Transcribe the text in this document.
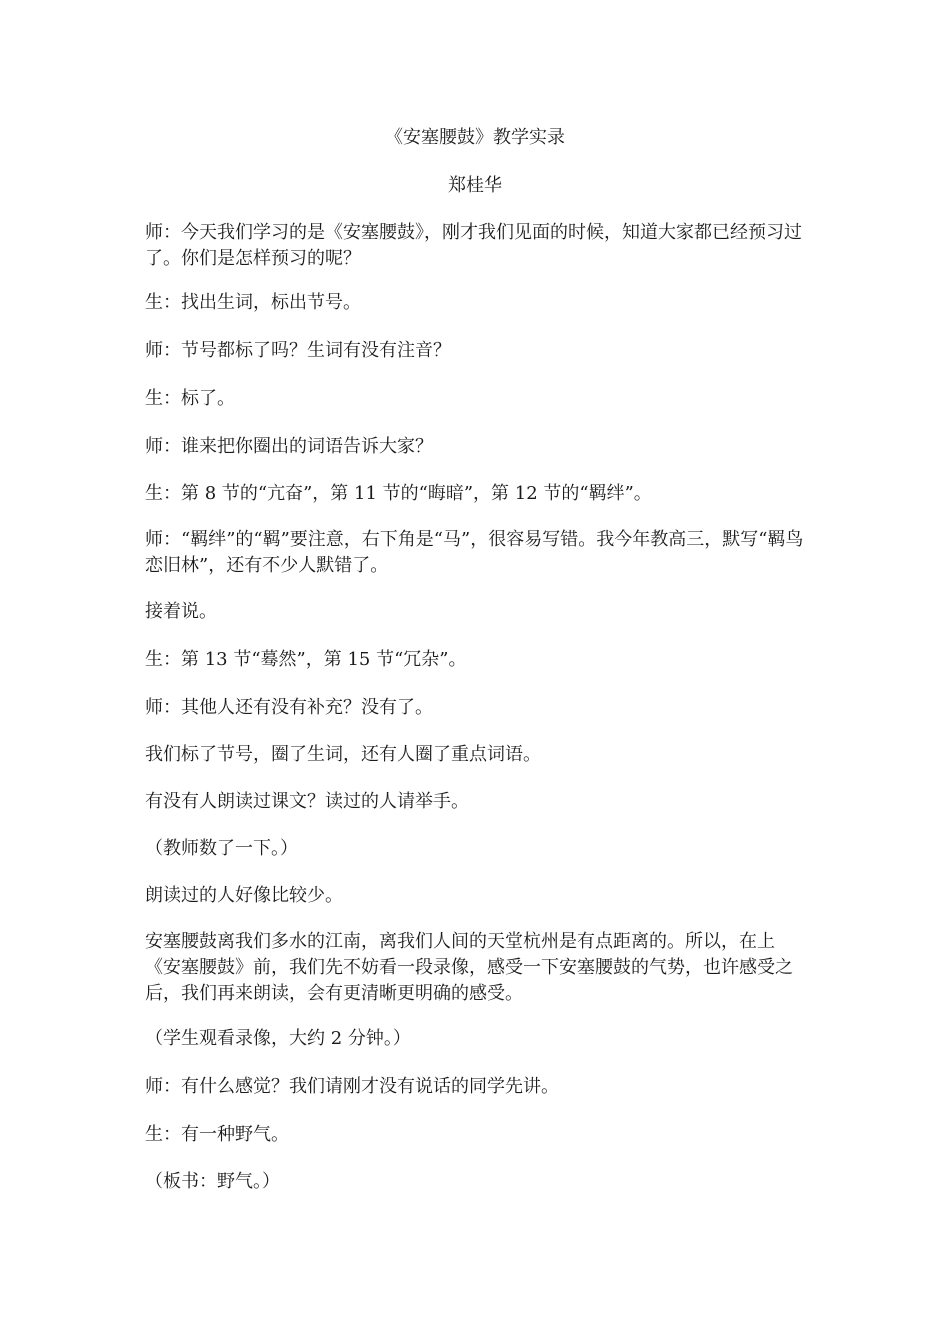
《安塞腰鼓》教学实录
郑桂华

师：今天我们学习的是《安塞腰鼓》，刚才我们见面的时候，知道大家都已经预习过了。你们是怎样预习的呢？

生：找出生词，标出节号。

师：节号都标了吗？生词有没有注音？

生：标了。

师：谁来把你圈出的词语告诉大家？

生：第 8 节的“亢奋”，第 11 节的“晦暗”，第 12 节的“羁绊”。

师：“羁绊”的“羁”要注意，右下角是“马”，很容易写错。我今年教高三，默写“羁鸟恋旧林”，还有不少人默错了。

接着说。

生：第 13 节“蓦然”，第 15 节“冗杂”。

师：其他人还有没有补充？没有了。

我们标了节号，圈了生词，还有人圈了重点词语。

有没有人朗读过课文？读过的人请举手。

（教师数了一下。）

朗读过的人好像比较少。

安塞腰鼓离我们多水的江南，离我们人间的天堂杭州是有点距离的。所以，在上《安塞腰鼓》前，我们先不妨看一段录像，感受一下安塞腰鼓的气势，也许感受之后，我们再来朗读，会有更清晰更明确的感受。

（学生观看录像，大约 2 分钟。）

师：有什么感觉？我们请刚才没有说话的同学先讲。

生：有一种野气。

（板书：野气。）
